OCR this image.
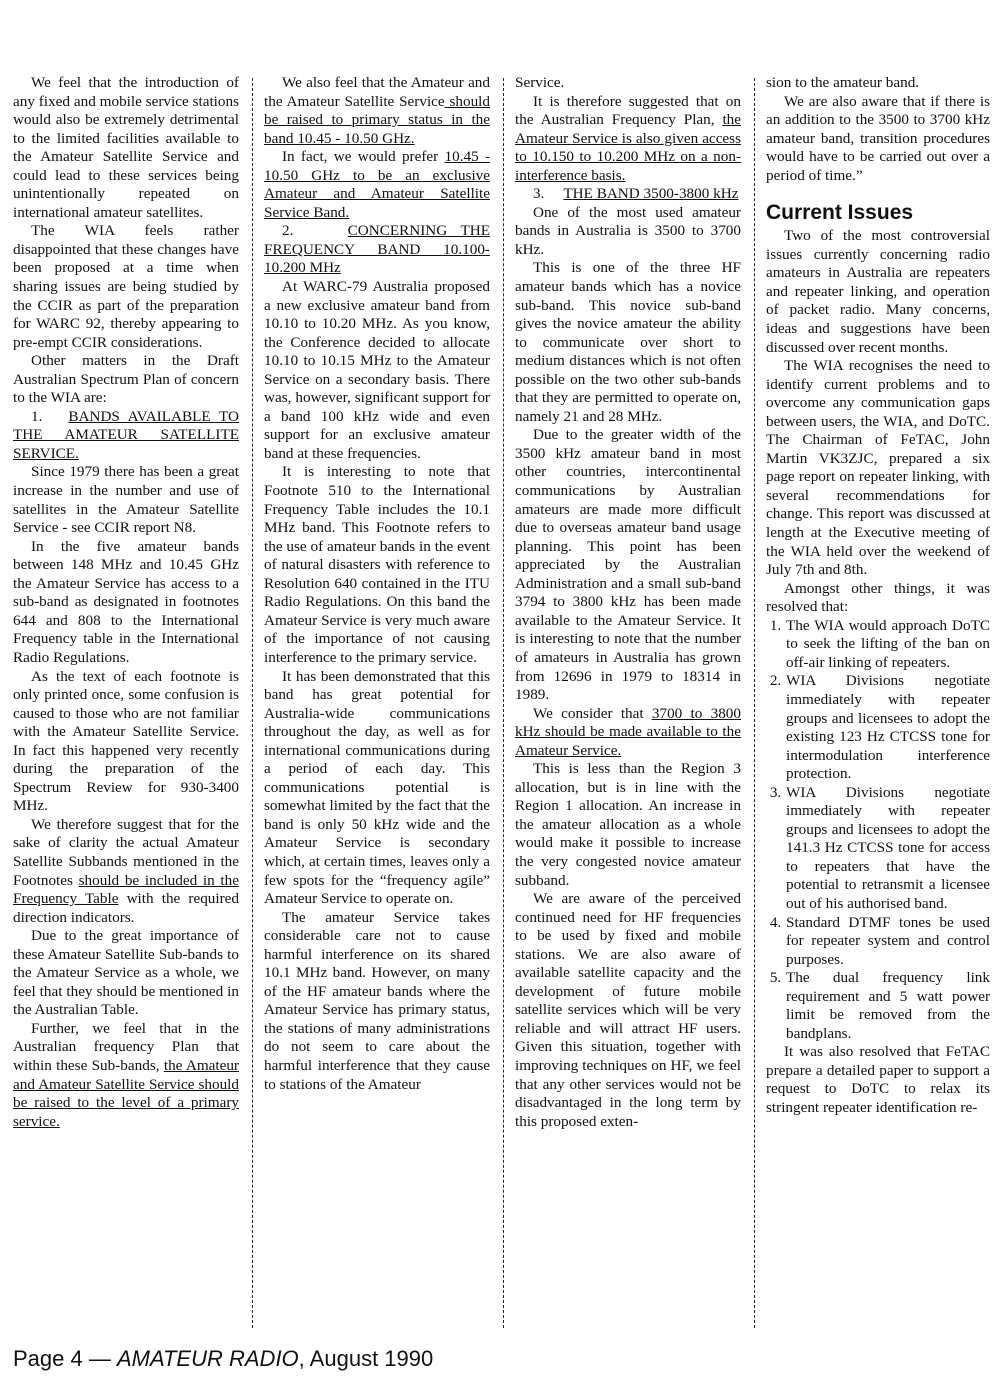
We feel that the introduction of any fixed and mobile service stations would also be extremely detrimental to the limited facilities available to the Amateur Satellite Service and could lead to these services being unintentionally repeated on international amateur satellites.

The WIA feels rather disappointed that these changes have been proposed at a time when sharing issues are being studied by the CCIR as part of the preparation for WARC 92, thereby appearing to pre-empt CCIR considerations.

Other matters in the Draft Australian Spectrum Plan of concern to the WIA are:

1. BANDS AVAILABLE TO THE AMATEUR SATELLITE SERVICE.

Since 1979 there has been a great increase in the number and use of satellites in the Amateur Satellite Service - see CCIR report N8.

In the five amateur bands between 148 MHz and 10.45 GHz the Amateur Service has access to a sub-band as designated in footnotes 644 and 808 to the International Frequency table in the International Radio Regulations.

As the text of each footnote is only printed once, some confusion is caused to those who are not familiar with the Amateur Satellite Service. In fact this happened very recently during the preparation of the Spectrum Review for 930-3400 MHz.

We therefore suggest that for the sake of clarity the actual Amateur Satellite Subbands mentioned in the Footnotes should be included in the Frequency Table with the required direction indicators.

Due to the great importance of these Amateur Satellite Sub-bands to the Amateur Service as a whole, we feel that they should be mentioned in the Australian Table.

Further, we feel that in the Australian frequency Plan that within these Sub-bands, the Amateur and Amateur Satellite Service should be raised to the level of a primary service.

We also feel that the Amateur and the Amateur Satellite Service should be raised to primary status in the band 10.45 - 10.50 GHz.

In fact, we would prefer 10.45 - 10.50 GHz to be an exclusive Amateur and Amateur Satellite Service Band.

2.	CONCERNING THE FREQUENCY BAND 10.100-10.200 MHz

At WARC-79 Australia proposed a new exclusive amateur band from 10.10 to 10.20 MHz. As you know, the Conference decided to allocate 10.10 to 10.15 MHz to the Amateur Service on a secondary basis. There was, however, significant support for a band 100 kHz wide and even support for an exclusive amateur band at these frequencies.

It is interesting to note that Footnote 510 to the International Frequency Table includes the 10.1 MHz band. This Footnote refers to the use of amateur bands in the event of natural disasters with reference to Resolution 640 contained in the ITU Radio Regulations. On this band the Amateur Service is very much aware of the importance of not causing interference to the primary service.

It has been demonstrated that this band has great potential for Australia-wide communications throughout the day, as well as for international communications during a period of each day. This communications potential is somewhat limited by the fact that the band is only 50 kHz wide and the Amateur Service is secondary which, at certain times, leaves only a few spots for the “frequency agile” Amateur Service to operate on.

The amateur Service takes considerable care not to cause harmful interference on its shared 10.1 MHz band. However, on many of the HF amateur bands where the Amateur Service has primary status, the stations of many administrations do not seem to care about the harmful interference that they cause to stations of the Amateur

Service.

It is therefore suggested that on the Australian Frequency Plan, the Amateur Service is also given access to 10.150 to 10.200 MHz on a non-interference basis.

3. THE BAND 3500-3800 kHz

One of the most used amateur bands in Australia is 3500 to 3700 kHz.

This is one of the three HF amateur bands which has a novice sub-band. This novice sub-band gives the novice amateur the ability to communicate over short to medium distances which is not often possible on the two other sub-bands that they are permitted to operate on, namely 21 and 28 MHz.

Due to the greater width of the 3500 kHz amateur band in most other countries, intercontinental communications by Australian amateurs are made more difficult due to overseas amateur band usage planning. This point has been appreciated by the Australian Administration and a small sub-band 3794 to 3800 kHz has been made available to the Amateur Service. It is interesting to note that the number of amateurs in Australia has grown from 12696 in 1979 to 18314 in 1989.

We consider that 3700 to 3800 kHz should be made available to the Amateur Service.

This is less than the Region 3 allocation, but is in line with the Region 1 allocation. An increase in the amateur allocation as a whole would make it possible to increase the very congested novice amateur subband.

We are aware of the perceived continued need for HF frequencies to be used by fixed and mobile stations. We are also aware of available satellite capacity and the development of future mobile satellite services which will be very reliable and will attract HF users. Given this situation, together with improving techniques on HF, we feel that any other services would not be disadvantaged in the long term by this proposed exten-

sion to the amateur band.

We are also aware that if there is an addition to the 3500 to 3700 kHz amateur band, transition procedures would have to be carried out over a period of time.”

Current Issues

Two of the most controversial issues currently concerning radio amateurs in Australia are repeaters and repeater linking, and operation of packet radio. Many concerns, ideas and suggestions have been discussed over recent months.

The WIA recognises the need to identify current problems and to overcome any communication gaps between users, the WIA, and DoTC. The Chairman of FeTAC, John Martin VK3ZJC, prepared a six page report on repeater linking, with several recommendations for change. This report was discussed at length at the Executive meeting of the WIA held over the weekend of July 7th and 8th.

Amongst other things, it was resolved that:

1. The WIA would approach DoTC to seek the lifting of the ban on off-air linking of repeaters.
2. WIA Divisions negotiate immediately with repeater groups and licensees to adopt the existing 123 Hz CTCSS tone for intermodulation interference protection.
3. WIA Divisions negotiate immediately with repeater groups and licensees to adopt the 141.3 Hz CTCSS tone for access to repeaters that have the potential to retransmit a licensee out of his authorised band.
4. Standard DTMF tones be used for repeater system and control purposes.
5. The dual frequency link requirement and 5 watt power limit be removed from the bandplans.

It was also resolved that FeTAC prepare a detailed paper to support a request to DoTC to relax its stringent repeater identification re-

Page 4 — AMATEUR RADIO, August 1990
